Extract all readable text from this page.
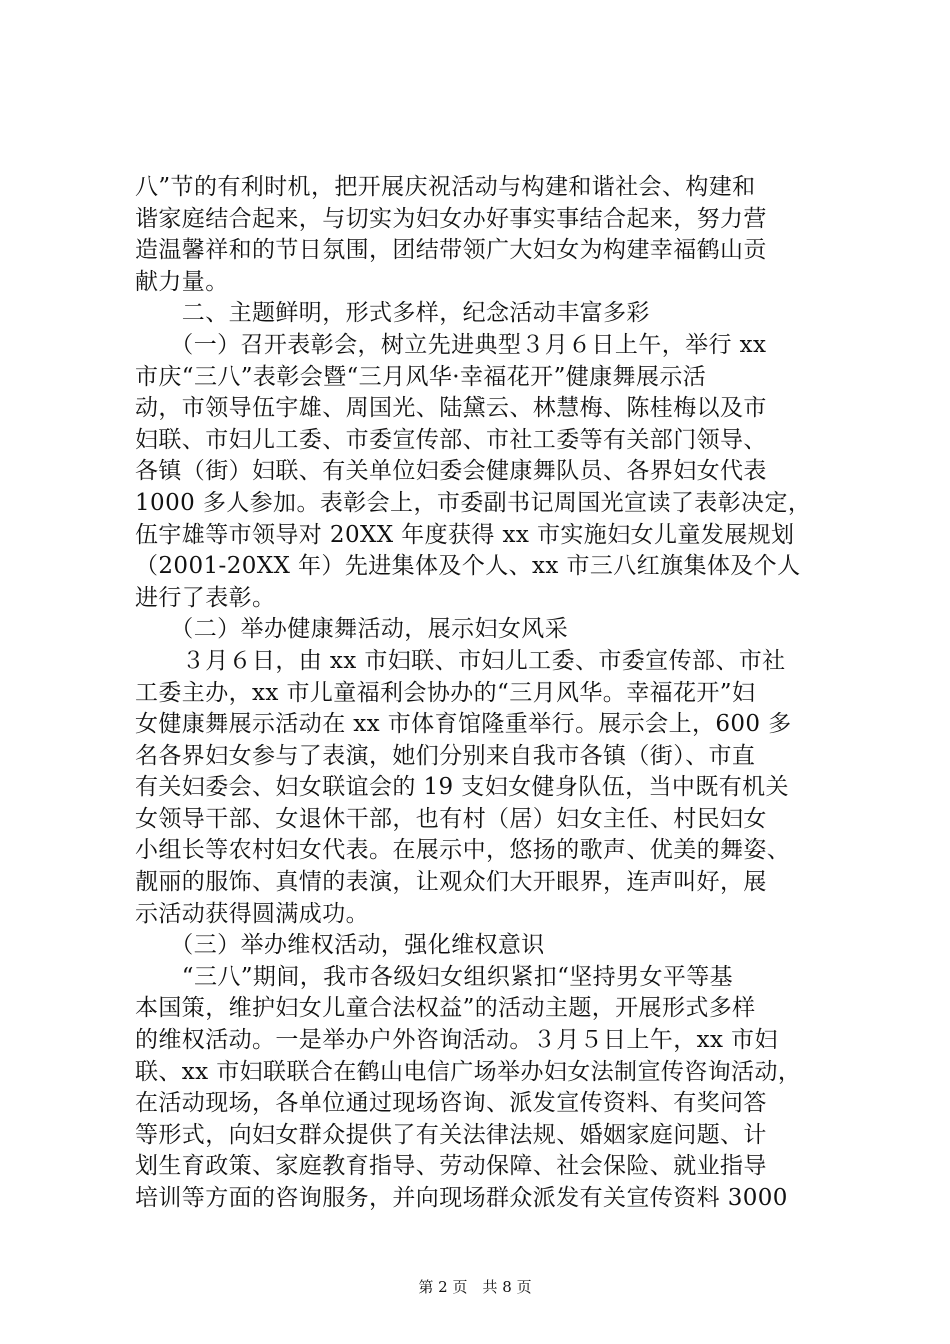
八”节的有利时机，把开展庆祝活动与构建和谐社会、构建和
谐家庭结合起来，与切实为妇女办好事实事结合起来，努力营
造温馨祥和的节日氛围，团结带领广大妇女为构建幸福鹤山贡
献力量。
　　二、主题鲜明，形式多样，纪念活动丰富多彩
　　（一）召开表彰会，树立先进典型３月６日上午，举行 xx
市庆“三八”表彰会暨“三月风华·幸福花开”健康舞展示活
动，市领导伍宇雄、周国光、陆黛云、林慧梅、陈桂梅以及市
妇联、市妇儿工委、市委宣传部、市社工委等有关部门领导、
各镇（街）妇联、有关单位妇委会健康舞队员、各界妇女代表
1000 多人参加。表彰会上，市委副书记周国光宣读了表彰决定，
伍宇雄等市领导对 20XX 年度获得 xx 市实施妇女儿童发展规划
（2001-20XX 年）先进集体及个人、xx 市三八红旗集体及个人
进行了表彰。
　　（二）举办健康舞活动，展示妇女风采
　　３月６日，由 xx 市妇联、市妇儿工委、市委宣传部、市社
工委主办，xx 市儿童福利会协办的“三月风华。幸福花开”妇
女健康舞展示活动在 xx 市体育馆隆重举行。展示会上，600 多
名各界妇女参与了表演，她们分别来自我市各镇（街）、市直
有关妇委会、妇女联谊会的 19 支妇女健身队伍，当中既有机关
女领导干部、女退休干部，也有村（居）妇女主任、村民妇女
小组长等农村妇女代表。在展示中，悠扬的歌声、优美的舞姿、
靓丽的服饰、真情的表演，让观众们大开眼界，连声叫好，展
示活动获得圆满成功。
　　（三）举办维权活动，强化维权意识
　　“三八”期间，我市各级妇女组织紧扣“坚持男女平等基
本国策，维护妇女儿童合法权益”的活动主题，开展形式多样
的维权活动。一是举办户外咨询活动。３月５日上午，xx 市妇
联、xx 市妇联联合在鹤山电信广场举办妇女法制宣传咨询活动，
在活动现场，各单位通过现场咨询、派发宣传资料、有奖问答
等形式，向妇女群众提供了有关法律法规、婚姻家庭问题、计
划生育政策、家庭教育指导、劳动保障、社会保险、就业指导
培训等方面的咨询服务，并向现场群众派发有关宣传资料 3000
第 2 页　共 8 页
